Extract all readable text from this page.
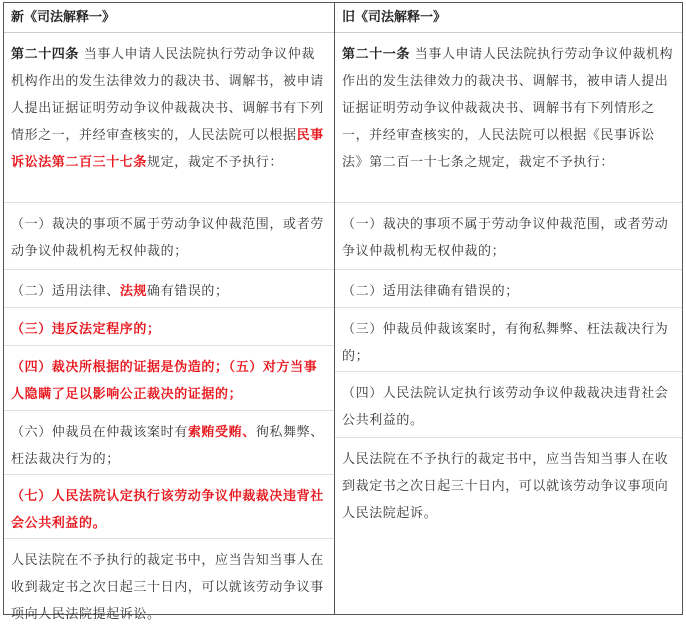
新《司法解释一》
第二十四条 当事人申请人民法院执行劳动争议仲裁机构作出的发生法律效力的裁决书、调解书，被申请人提出证据证明劳动争议仲裁裁决书、调解书有下列情形之一，并经审查核实的，人民法院可以根据民事诉讼法第二百三十七条规定，裁定不予执行：
（一）裁决的事项不属于劳动争议仲裁范围，或者劳动争议仲裁机构无权仲裁的；
（二）适用法律、法规确有错误的；
（三）违反法定程序的；
（四）裁决所根据的证据是伪造的；（五）对方当事人隐瞒了足以影响公正裁决的证据的；
（六）仲裁员在仲裁该案时有索贿受贿、徇私舞弊、枉法裁决行为的；
（七）人民法院认定执行该劳动争议仲裁裁决违背社会公共利益的。
人民法院在不予执行的裁定书中，应当告知当事人在收到裁定书之次日起三十日内，可以就该劳动争议事项向人民法院提起诉讼。
旧《司法解释一》
第二十一条 当事人申请人民法院执行劳动争议仲裁机构作出的发生法律效力的裁决书、调解书，被申请人提出证据证明劳动争议仲裁裁决书、调解书有下列情形之一，并经审查核实的，人民法院可以根据《民事诉讼法》第二百一十七条之规定，裁定不予执行：
（一）裁决的事项不属于劳动争议仲裁范围，或者劳动争议仲裁机构无权仲裁的；
（二）适用法律确有错误的；
（三）仲裁员仲裁该案时，有徇私舞弊、枉法裁决行为的；
（四）人民法院认定执行该劳动争议仲裁裁决违背社会公共利益的。
人民法院在不予执行的裁定书中，应当告知当事人在收到裁定书之次日起三十日内，可以就该劳动争议事项向人民法院起诉。
